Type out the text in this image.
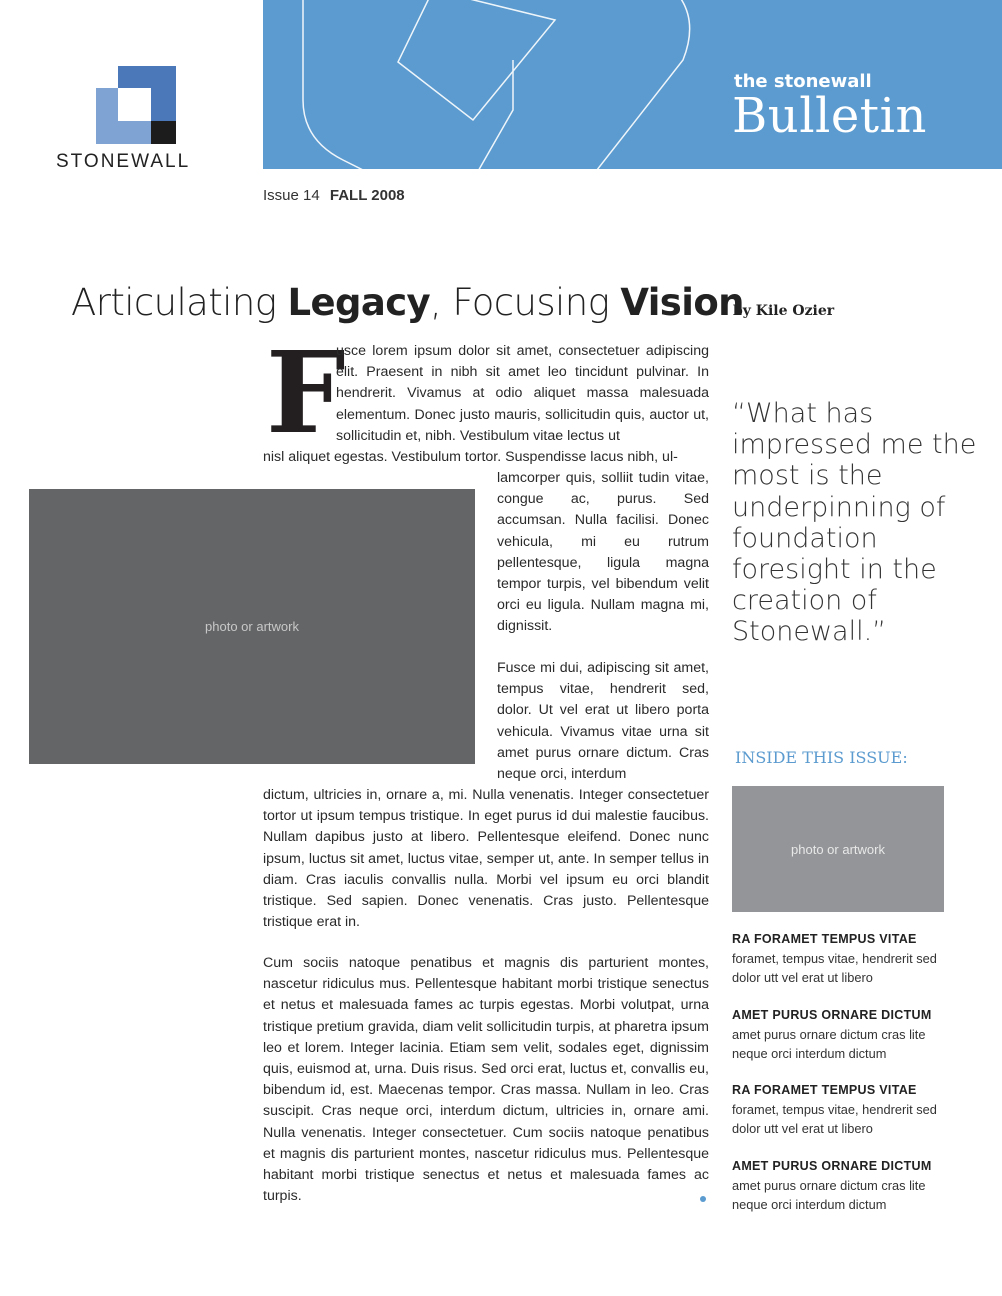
STONEWALL
the stonewall
Bulletin
Issue 14 FALL 2008
Articulating Legacy, Focusing Vision
by Kile Ozier
F

usce lorem ipsum dolor sit amet, consectetuer adipiscing elit. Praesent in nibh sit amet leo tincidunt pulvinar. In hendrerit. Vivamus at odio aliquet massa malesuada elementum. Donec justo mauris, sollicitudin quis, auctor ut, sollicitudin et, nibh. Vestibulum vitae lectus ut

nisl aliquet egestas. Vestibulum tortor. Suspendisse lacus nibh, ul-

lamcorper quis, solliit tudin vitae, congue ac, purus. Sed accumsan. Nulla facilisi. Donec vehicula, mi eu rutrum pellentesque, ligula magna tempor turpis, vel bibendum velit orci eu ligula. Nullam magna mi, dignissit.

Fusce mi dui, adipiscing sit amet, tempus vitae, hendrerit sed, dolor. Ut vel erat ut libero porta vehicula. Vivamus vitae urna sit amet purus ornare dictum. Cras neque orci, interdum

dictum, ultricies in, ornare a, mi. Nulla venenatis. Integer consectetuer tortor ut ipsum tempus tristique. In eget purus id dui malestie faucibus. Nullam dapibus justo at libero. Pellentesque eleifend. Donec nunc ipsum, luctus sit amet, luctus vitae, semper ut, ante. In semper tellus in diam. Cras iaculis convallis nulla. Morbi vel ipsum eu orci blandit tristique. Sed sapien. Donec venenatis. Cras justo. Pellentesque tristique erat in.

Cum sociis natoque penatibus et magnis dis parturient montes, nascetur ridiculus mus. Pellentesque habitant morbi tristique senectus et netus et malesuada fames ac turpis egestas. Morbi volutpat, urna tristique pretium gravida, diam velit sollicitudin turpis, at pharetra ipsum leo et lorem. Integer lacinia. Etiam sem velit, sodales eget, dignissim quis, euismod at, urna. Duis risus. Sed orci erat, luctus et, convallis eu, bibendum id, est. Maecenas tempor. Cras massa. Nullam in leo. Cras suscipit. Cras neque orci, interdum dictum, ultricies in, ornare ami. Nulla venenatis. Integer consectetuer. Cum sociis natoque penatibus et magnis dis parturient montes, nascetur ridiculus mus. Pellentesque habitant morbi tristique senectus et netus et malesuada fames ac turpis.

photo or artwork
“What has impressed me the most is the underpinning of foundation foresight in the creation of Stonewall.”
INSIDE THIS ISSUE:
photo or artwork
RA FORAMET TEMPUS VITAE
foramet, tempus vitae, hendrerit sed dolor utt vel erat ut libero
AMET PURUS ORNARE DICTUM
amet purus ornare dictum cras lite neque orci interdum dictum
RA FORAMET TEMPUS VITAE
foramet, tempus vitae, hendrerit sed dolor utt vel erat ut libero
AMET PURUS ORNARE DICTUM
amet purus ornare dictum cras lite neque orci interdum dictum
